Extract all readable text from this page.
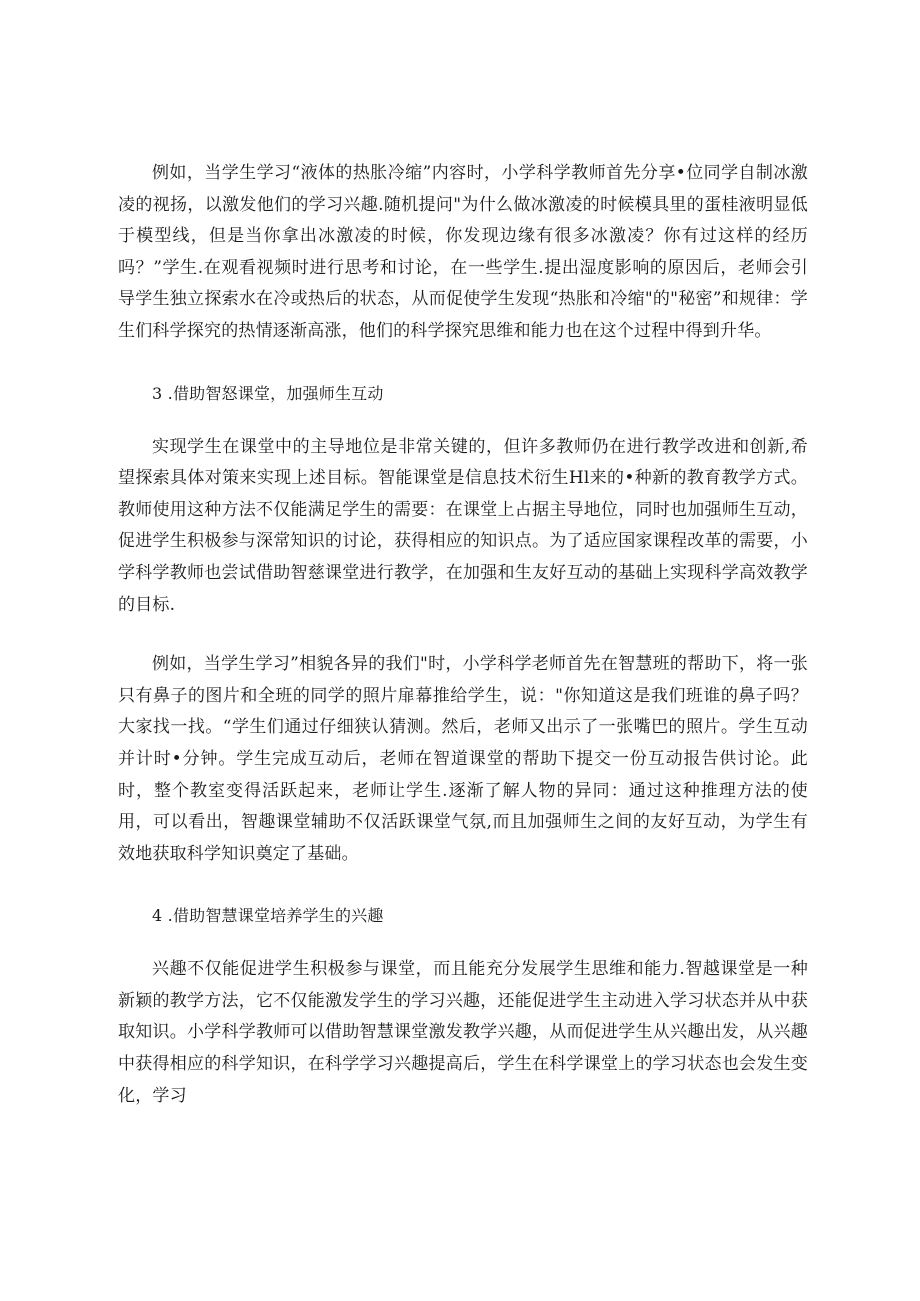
例如，当学生学习“液体的热胀冷缩”内容时，小学科学教师首先分享•位同学自制冰激凌的视扬，以激发他们的学习兴趣.随机提问"为什么做冰激凌的时候模具里的蛋桂液明显低于模型线，但是当你拿出冰激凌的时候，你发现边缘有很多冰激凌？你有过这样的经历吗？”学生.在观看视频时进行思考和讨论，在一些学生.提出湿度影响的原因后，老师会引导学生独立探索水在冷或热后的状态，从而促使学生发现“热胀和冷缩"的"秘密”和规律：学生们科学探究的热情逐渐高涨，他们的科学探究思维和能力也在这个过程中得到升华。

3 .借助智怒课堂，加强师生互动

实现学生在课堂中的主导地位是非常关键的，但许多教师仍在进行教学改进和创新,希望探索具体对策来实现上述目标。智能课堂是信息技术衍生Hl来的•种新的教育教学方式。教师使用这种方法不仅能满足学生的需要：在课堂上占据主导地位，同时也加强师生互动，促进学生积极参与深常知识的讨论，获得相应的知识点。为了适应国家课程改革的需要，小学科学教师也尝试借助智慈课堂进行教学，在加强和生友好互动的基础上实现科学高效教学的目标.

例如，当学生学习”相貌各异的我们"时，小学科学老师首先在智慧班的帮助下，将一张只有鼻子的图片和全班的同学的照片扉幕推给学生，说："你知道这是我们班谁的鼻子吗？大家找一找。“学生们通过仔细狭认猜测。然后，老师又出示了一张嘴巴的照片。学生互动并计时•分钟。学生完成互动后，老师在智道课堂的帮助下提交一份互动报告供讨论。此时，整个教室变得活跃起来，老师让学生.逐渐了解人物的异同：通过这种推理方法的使用，可以看出，智趣课堂辅助不仅活跃课堂气氛,而且加强师生之间的友好互动，为学生有效地获取科学知识奠定了基础。

4 .借助智慧课堂培养学生的兴趣

兴趣不仅能促进学生积极参与课堂，而且能充分发展学生思维和能力.智越课堂是一种新颖的教学方法，它不仅能激发学生的学习兴趣，还能促进学生主动进入学习状态并从中获取知识。小学科学教师可以借助智慧课堂激发教学兴趣，从而促进学生从兴趣出发，从兴趣中获得相应的科学知识，在科学学习兴趣提高后，学生在科学课堂上的学习状态也会发生变化，学习
